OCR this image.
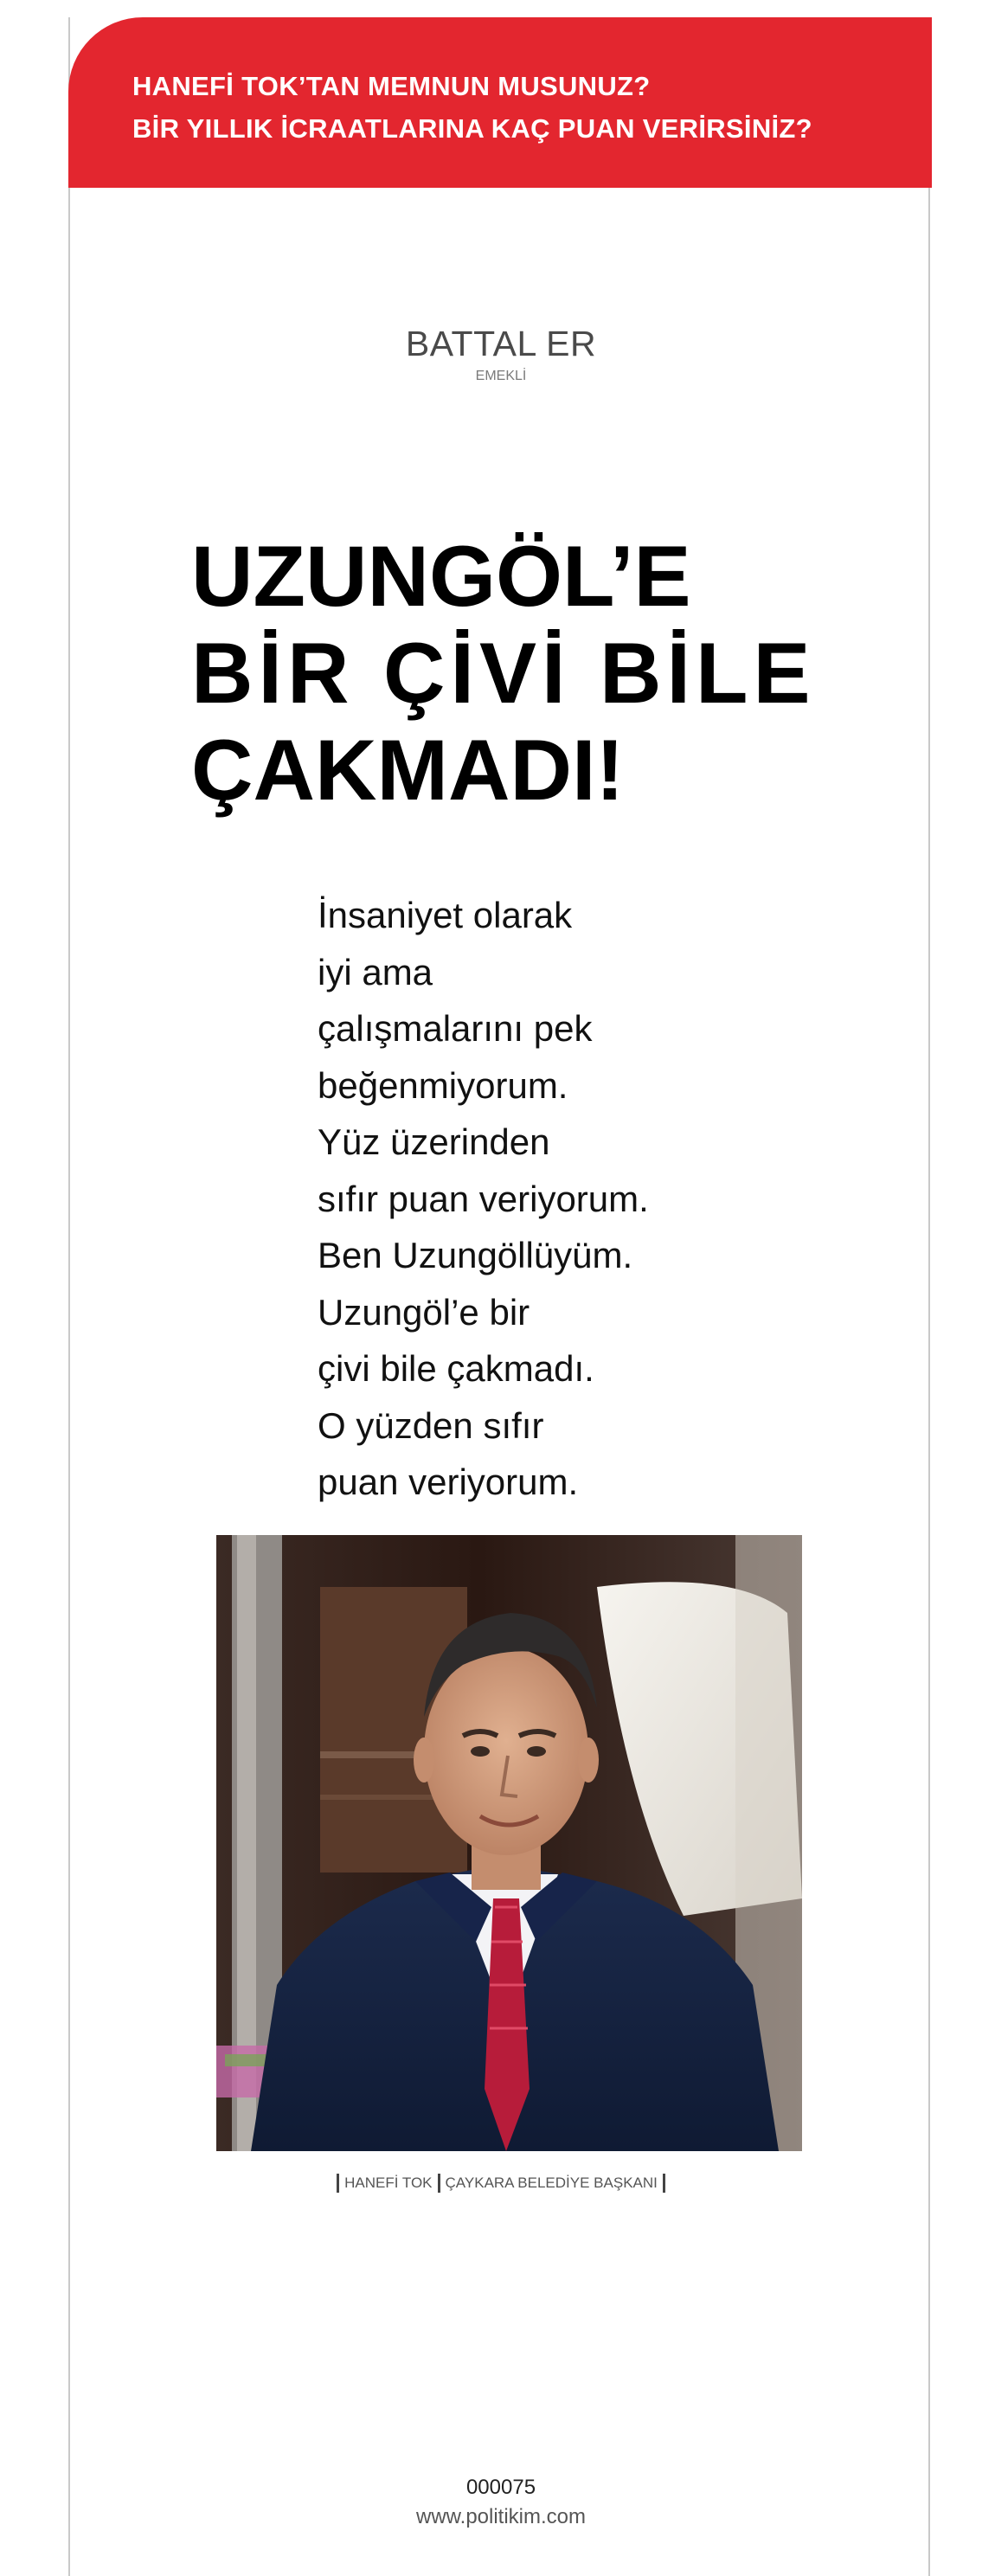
HANEFİ TOK’TAN MEMNUN MUSUNUZ?
BİR YILLIK İCRAATLARINA KAÇ PUAN VERİRSİNİZ?
BATTAL ER
EMEKLİ
UZUNGÖL’E
BİR ÇİVİ BİLE
ÇAKMADI!
İnsaniyet olarak
iyi ama
çalışmalarını pek
beğenmiyorum.
Yüz üzerinden
sıfır puan veriyorum.
Ben Uzungöllüyüm.
Uzungöl’e bir
çivi bile çakmadı.
O yüzden sıfır
puan veriyorum.
HANEFİ TOK ÇAYKARA BELEDİYE BAŞKANI
000075
www.politikim.com
